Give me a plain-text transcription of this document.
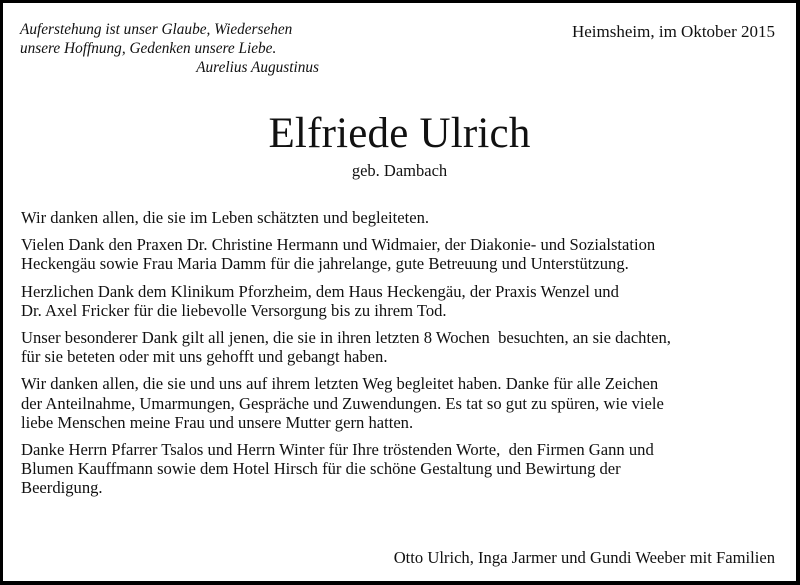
Auferstehung ist unser Glaube, Wiedersehen
unsere Hoffnung, Gedenken unsere Liebe.
Aurelius Augustinus
Heimsheim, im Oktober 2015
Elfriede Ulrich
geb. Dambach

Wir danken allen, die sie im Leben schätzten und begleiteten.

Vielen Dank den Praxen Dr. Christine Hermann und Widmaier, der Diakonie- und Sozialstation
Heckengäu sowie Frau Maria Damm für die jahrelange, gute Betreuung und Unterstützung.

Herzlichen Dank dem Klinikum Pforzheim, dem Haus Heckengäu, der Praxis Wenzel und
Dr. Axel Fricker für die liebevolle Versorgung bis zu ihrem Tod.

Unser besonderer Dank gilt all jenen, die sie in ihren letzten 8 Wochen  besuchten, an sie dachten,
für sie beteten oder mit uns gehofft und gebangt haben.

Wir danken allen, die sie und uns auf ihrem letzten Weg begleitet haben. Danke für alle Zeichen
der Anteilnahme, Umarmungen, Gespräche und Zuwendungen. Es tat so gut zu spüren, wie viele
liebe Menschen meine Frau und unsere Mutter gern hatten.

Danke Herrn Pfarrer Tsalos und Herrn Winter für Ihre tröstenden Worte,  den Firmen Gann und
Blumen Kauffmann sowie dem Hotel Hirsch für die schöne Gestaltung und Bewirtung der
Beerdigung.

Otto Ulrich, Inga Jarmer und Gundi Weeber mit Familien
